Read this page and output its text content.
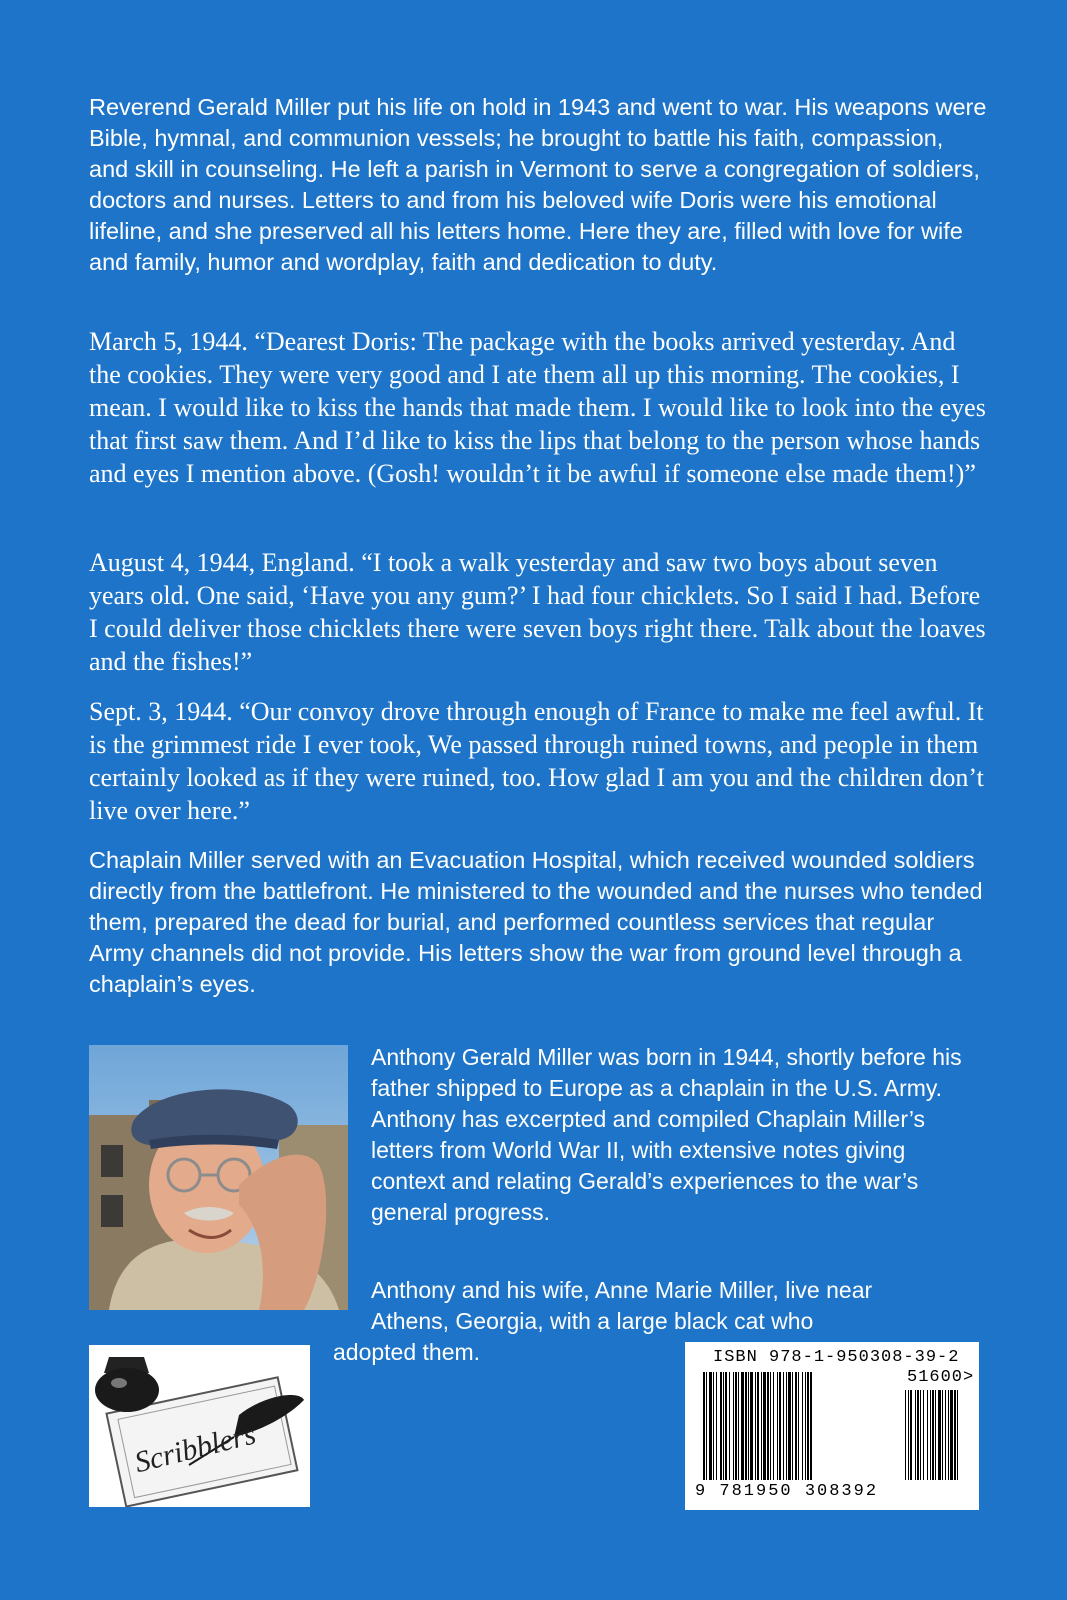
Reverend Gerald Miller put his life on hold in 1943 and went to war. His weapons were Bible, hymnal, and communion vessels; he brought to battle his faith, compassion, and skill in counseling. He left a parish in Vermont to serve a congregation of soldiers, doctors and nurses. Letters to and from his beloved wife Doris were his emotional lifeline, and she preserved all his letters home. Here they are, filled with love for wife and family, humor and wordplay, faith and dedication to duty.

March 5, 1944. “Dearest Doris: The package with the books arrived yesterday. And the cookies. They were very good and I ate them all up this morning. The cookies, I mean. I would like to kiss the hands that made them. I would like to look into the eyes that first saw them. And I’d like to kiss the lips that belong to the person whose hands and eyes I mention above. (Gosh! wouldn’t it be awful if someone else made them!)”

August 4, 1944, England. “I took a walk yesterday and saw two boys about seven years old. One said, ‘Have you any gum?’ I had four chicklets. So I said I had. Before I could deliver those chicklets there were seven boys right there. Talk about the loaves and the fishes!”

Sept. 3, 1944. “Our convoy drove through enough of France to make me feel awful. It is the grimmest ride I ever took, We passed through ruined towns, and people in them certainly looked as if they were ruined, too. How glad I am you and the children don’t live over here.”

Chaplain Miller served with an Evacuation Hospital, which received wounded soldiers directly from the battlefront. He ministered to the wounded and the nurses who tended them, prepared the dead for burial, and performed countless services that regular Army channels did not provide. His letters show the war from ground level through a chaplain’s eyes.

Anthony Gerald Miller was born in 1944, shortly before his father shipped to Europe as a chaplain in the U.S. Army. Anthony has excerpted and compiled Chaplain Miller’s letters from World War II, with extensive notes giving context and relating Gerald’s experiences to the war’s general progress.

Anthony and his wife, Anne Marie Miller, live near Athens, Georgia, with a large black cat who
adopted them.

Scribblers

ISBN 978-1-950308-39-2

51600>

9 781950 308392
